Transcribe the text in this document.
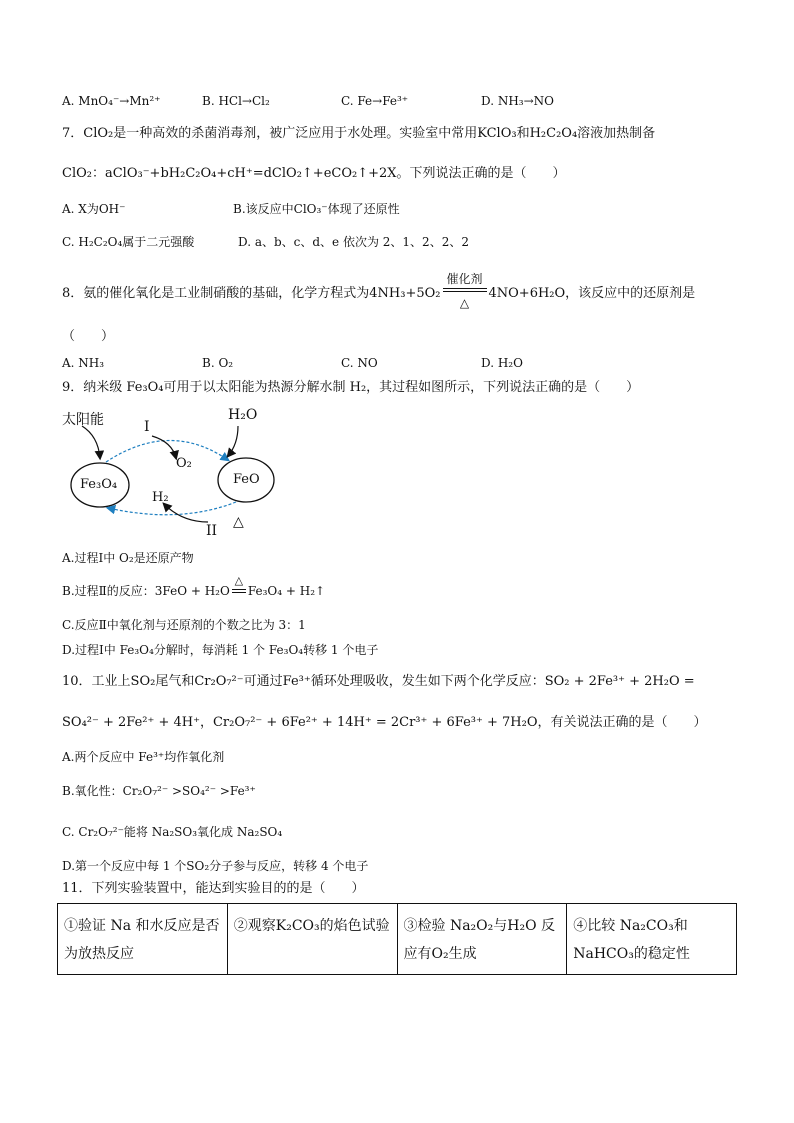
A. MnO₄⁻→Mn²⁺	B. HCl→Cl₂	C. Fe→Fe³⁺	D. NH₃→NO
7．ClO₂是一种高效的杀菌消毒剂，被广泛应用于水处理。实验室中常用KClO₃和H₂C₂O₄溶液加热制备
ClO₂：aClO₃⁻+bH₂C₂O₄+cH⁺=dClO₂↑+eCO₂↑+2X。下列说法正确的是（　　）
A. X为OH⁻	B.该反应中ClO₃⁻体现了还原性
C. H₂C₂O₄属于二元强酸	D. a、b、c、d、e 依次为 2、1、2、2、2
8．氨的催化氧化是工业制硝酸的基础，化学方程式为$4NH_3+5O_2 \frac{\text{催化剂}}{\triangle} 4NO+6H_2O$，该反应中的还原剂是
（　　）
A. NH₃	B. O₂	C. NO	D. H₂O
9．纳米级 Fe₃O₄可用于以太阳能为热源分解水制 H₂，其过程如图所示，下列说法正确的是（　　）
太阳能	I
H₂O
O₂
Fe₃O₄	FeO
H₂
△
II
A.过程Ⅰ中 O₂是还原产物
B.过程Ⅱ的反应：3FeO + H₂O
△
Fe₃O₄ + H₂↑
C.反应Ⅱ中氧化剂与还原剂的个数之比为 3：1
D.过程Ⅰ中 Fe₃O₄分解时，每消耗 1 个 Fe₃O₄转移 1 个电子
10．工业上SO₂尾气和Cr₂O₇²⁻可通过Fe³⁺循环处理吸收，发生如下两个化学反应：SO₂ + 2Fe³⁺ + 2H₂O =
SO₄²⁻ + 2Fe²⁺ + 4H⁺，Cr₂O₇²⁻ + 6Fe²⁺ + 14H⁺ = 2Cr³⁺ + 6Fe³⁺ + 7H₂O，有关说法正确的是（　　）
A.两个反应中 Fe³⁺均作氧化剂
B.氧化性：Cr₂O₇²⁻ >SO₄²⁻ >Fe³⁺
C. Cr₂O₇²⁻能将 Na₂SO₃氧化成 Na₂SO₄
D.第一个反应中每 1 个SO₂分子参与反应，转移 4 个电子
11．下列实验装置中，能达到实验目的的是（　　）
①验证 Na 和水反应是否为放热反应	②观察K₂CO₃的焰色试验	③检验 Na₂O₂与H₂O 反应有O₂生成	④比较 Na₂CO₃和 NaHCO₃的稳定性
